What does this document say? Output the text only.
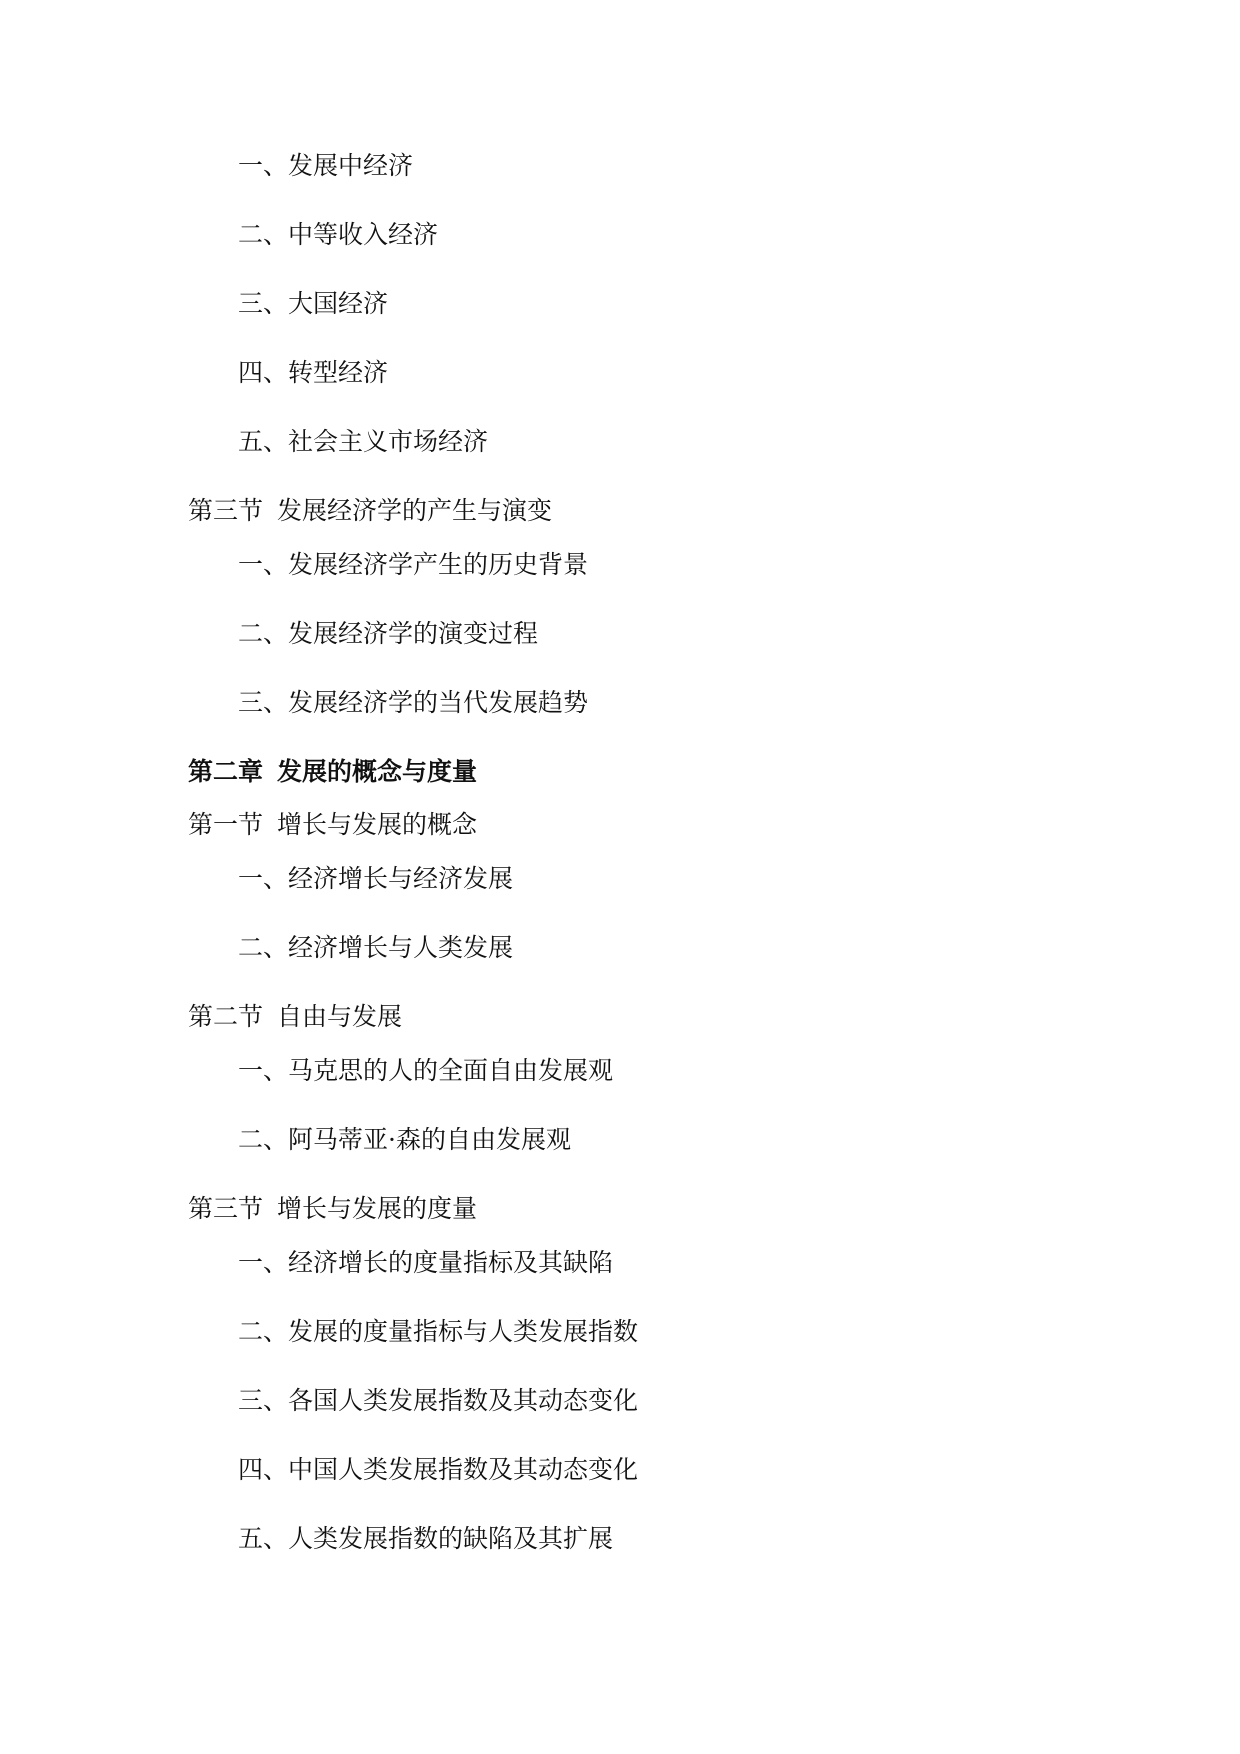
一、发展中经济
二、中等收入经济
三、大国经济
四、转型经济
五、社会主义市场经济
第三节 发展经济学的产生与演变
一、发展经济学产生的历史背景
二、发展经济学的演变过程
三、发展经济学的当代发展趋势
第二章 发展的概念与度量
第一节 增长与发展的概念
一、经济增长与经济发展
二、经济增长与人类发展
第二节 自由与发展
一、马克思的人的全面自由发展观
二、阿马蒂亚·森的自由发展观
第三节 增长与发展的度量
一、经济增长的度量指标及其缺陷
二、发展的度量指标与人类发展指数
三、各国人类发展指数及其动态变化
四、中国人类发展指数及其动态变化
五、人类发展指数的缺陷及其扩展
